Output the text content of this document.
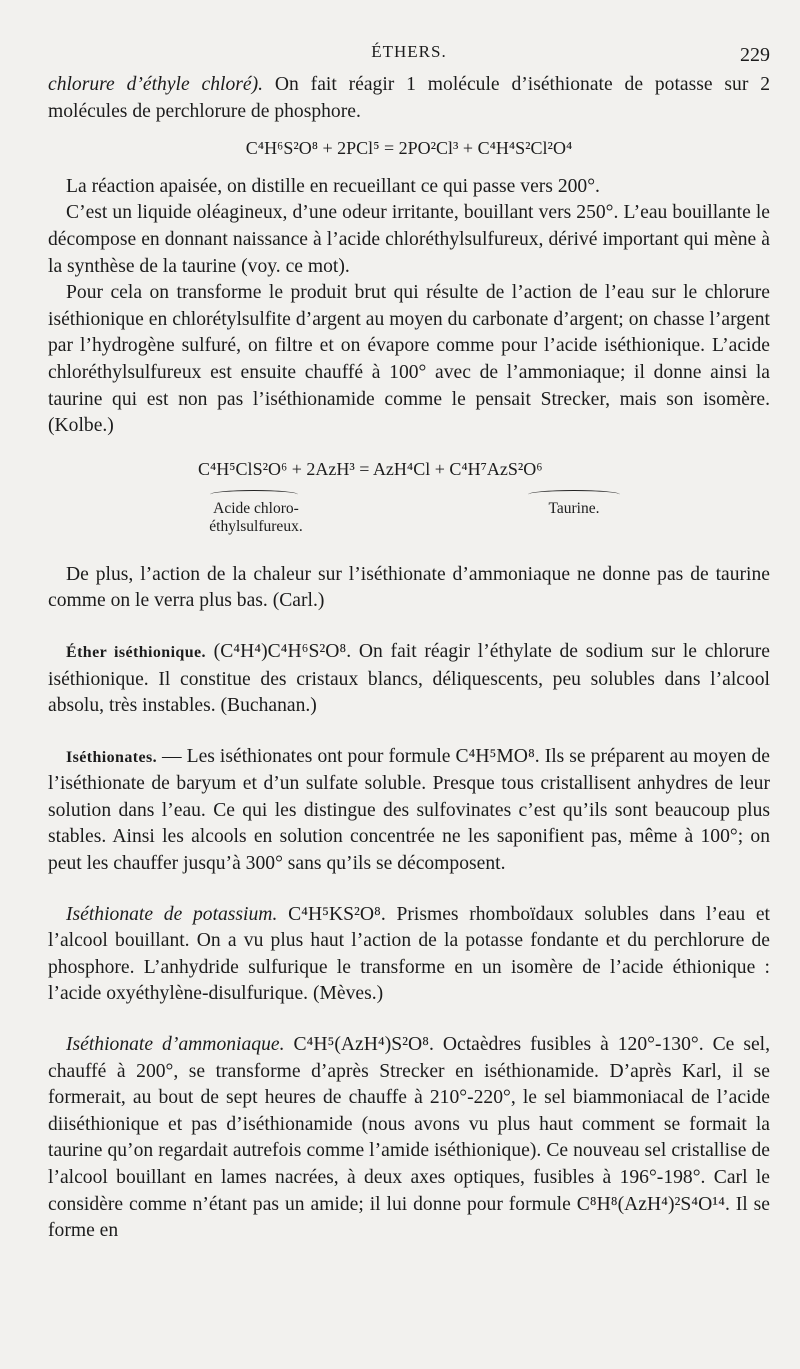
ÉTHERS.	229

chlorure d’éthyle chloré). On fait réagir 1 molécule d’iséthionate de potasse sur 2 molécules de perchlorure de phosphore.

C⁴H⁶S²O⁸ + 2PCl⁵ = 2PO²Cl³ + C⁴H⁴S²Cl²O⁴

La réaction apaisée, on distille en recueillant ce qui passe vers 200°.

C’est un liquide oléagineux, d’une odeur irritante, bouillant vers 250°. L’eau bouillante le décompose en donnant naissance à l’acide chloréthylsulfureux, dérivé important qui mène à la synthèse de la taurine (voy. ce mot).

Pour cela on transforme le produit brut qui résulte de l’action de l’eau sur le chlorure iséthionique en chlorétylsulfite d’argent au moyen du carbonate d’argent; on chasse l’argent par l’hydrogène sulfuré, on filtre et on évapore comme pour l’acide iséthionique. L’acide chloréthylsulfureux est ensuite chauffé à 100° avec de l’ammoniaque; il donne ainsi la taurine qui est non pas l’iséthionamide comme le pensait Strecker, mais son isomère. (Kolbe.)

C⁴H⁵ClS²O⁶ + 2AzH³ = AzH⁴Cl + C⁴H⁷AzS²O⁶
Acide chloro-
éthylsulfureux.
Taurine.

De plus, l’action de la chaleur sur l’iséthionate d’ammoniaque ne donne pas de taurine comme on le verra plus bas. (Carl.)

Éther iséthionique. (C⁴H⁴)C⁴H⁶S²O⁸. On fait réagir l’éthylate de sodium sur le chlorure iséthionique. Il constitue des cristaux blancs, déliquescents, peu solubles dans l’alcool absolu, très instables. (Buchanan.)

Iséthionates. — Les iséthionates ont pour formule C⁴H⁵MO⁸. Ils se préparent au moyen de l’iséthionate de baryum et d’un sulfate soluble. Presque tous cristallisent anhydres de leur solution dans l’eau. Ce qui les distingue des sulfovinates c’est qu’ils sont beaucoup plus stables. Ainsi les alcools en solution concentrée ne les saponifient pas, même à 100°; on peut les chauffer jusqu’à 300° sans qu’ils se décomposent.

Iséthionate de potassium. C⁴H⁵KS²O⁸. Prismes rhomboïdaux solubles dans l’eau et l’alcool bouillant. On a vu plus haut l’action de la potasse fondante et du perchlorure de phosphore. L’anhydride sulfurique le transforme en un isomère de l’acide éthionique : l’acide oxyéthylène-disulfurique. (Mèves.)

Iséthionate d’ammoniaque. C⁴H⁵(AzH⁴)S²O⁸. Octaèdres fusibles à 120°-130°. Ce sel, chauffé à 200°, se transforme d’après Strecker en iséthionamide. D’après Karl, il se formerait, au bout de sept heures de chauffe à 210°-220°, le sel biammoniacal de l’acide diiséthionique et pas d’iséthionamide (nous avons vu plus haut comment se formait la taurine qu’on regardait autrefois comme l’amide iséthionique). Ce nouveau sel cristallise de l’alcool bouillant en lames nacrées, à deux axes optiques, fusibles à 196°-198°. Carl le considère comme n’étant pas un amide; il lui donne pour formule C⁸H⁸(AzH⁴)²S⁴O¹⁴. Il se forme en
